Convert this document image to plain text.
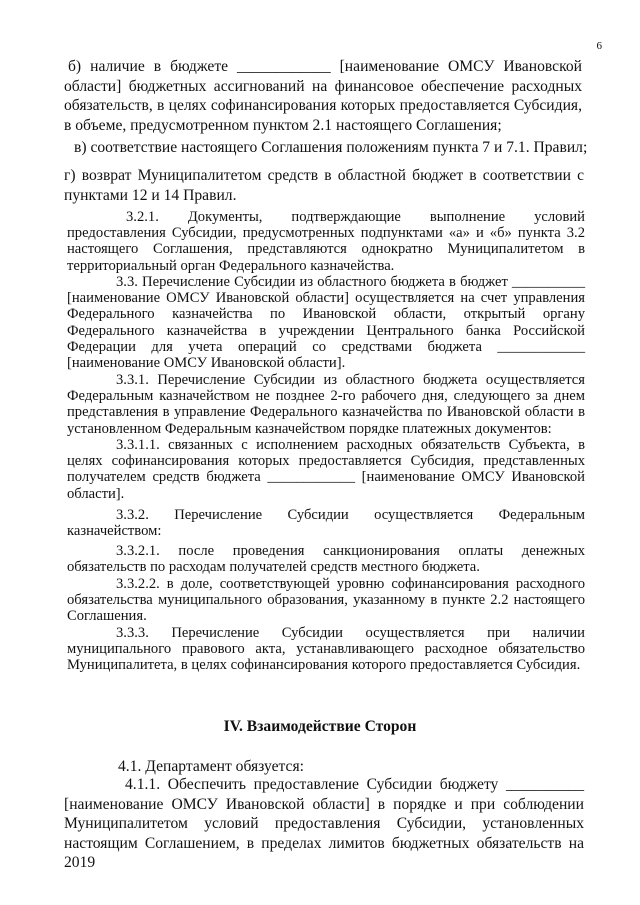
6

б) наличие в бюджете ____________ [наименование ОМСУ Ивановской области] бюджетных ассигнований на финансовое обеспечение расходных обязательств, в целях софинансирования которых предоставляется Субсидия, в объеме, предусмотренном пунктом 2.1 настоящего Соглашения;

в) соответствие настоящего Соглашения положениям пункта 7 и 7.1. Правил;

г) возврат Муниципалитетом средств в областной бюджет в соответствии с пунктами 12 и 14 Правил.

3.2.1. Документы, подтверждающие выполнение условий предоставления Субсидии, предусмотренных подпунктами «а» и «б» пункта 3.2 настоящего Соглашения, представляются однократно Муниципалитетом в территориальный орган Федерального казначейства.

3.3. Перечисление Субсидии из областного бюджета в бюджет __________ [наименование ОМСУ Ивановской области] осуществляется на счет управления Федерального казначейства по Ивановской области, открытый органу Федерального казначейства в учреждении Центрального банка Российской Федерации для учета операций со средствами бюджета ____________ [наименование ОМСУ Ивановской области].

3.3.1. Перечисление Субсидии из областного бюджета осуществляется Федеральным казначейством не позднее 2-го рабочего дня, следующего за днем представления в управление Федерального казначейства по Ивановской области в установленном Федеральным казначейством порядке платежных документов:

3.3.1.1. связанных с исполнением расходных обязательств Субъекта, в целях софинансирования которых предоставляется Субсидия, представленных получателем средств бюджета ____________ [наименование ОМСУ Ивановской области].

3.3.2. Перечисление Субсидии осуществляется Федеральным казначейством:

3.3.2.1. после проведения санкционирования оплаты денежных обязательств по расходам получателей средств местного бюджета.

3.3.2.2. в доле, соответствующей уровню софинансирования расходного обязательства муниципального образования, указанному в пункте 2.2 настоящего Соглашения.

3.3.3. Перечисление Субсидии осуществляется при наличии муниципального правового акта, устанавливающего расходное обязательство Муниципалитета, в целях софинансирования которого предоставляется Субсидия.

IV. Взаимодействие Сторон

4.1. Департамент обязуется:

4.1.1. Обеспечить предоставление Субсидии бюджету __________ [наименование ОМСУ Ивановской области] в порядке и при соблюдении Муниципалитетом условий предоставления Субсидии, установленных настоящим Соглашением, в пределах лимитов бюджетных обязательств на 2019
